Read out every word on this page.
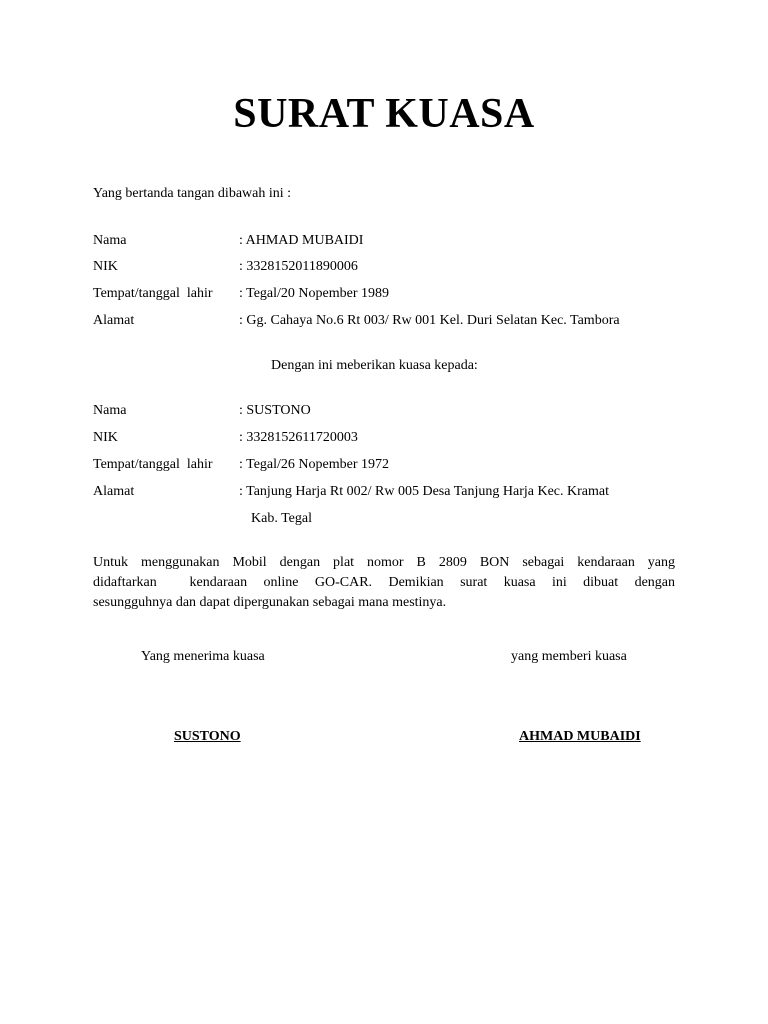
SURAT KUASA
Yang bertanda tangan dibawah ini :
Nama	: AHMAD MUBAIDI
NIK	: 3328152011890006
Tempat/tanggal  lahir : Tegal/20 Nopember 1989
Alamat	: Gg. Cahaya No.6 Rt 003/ Rw 001 Kel. Duri Selatan Kec. Tambora
Dengan ini meberikan kuasa kepada:
Nama	: SUSTONO
NIK	: 3328152611720003
Tempat/tanggal  lahir : Tegal/26 Nopember 1972
Alamat	: Tanjung Harja Rt 002/ Rw 005 Desa Tanjung Harja Kec. Kramat
Kab. Tegal

Untuk menggunakan Mobil dengan plat nomor B 2809 BON sebagai kendaraan yang

didaftarkan  kendaraan online GO-CAR. Demikian surat kuasa ini dibuat dengan

sesungguhnya dan dapat dipergunakan sebagai mana mestinya.

Yang menerima kuasa	yang memberi kuasa
SUSTONO	AHMAD MUBAIDI
